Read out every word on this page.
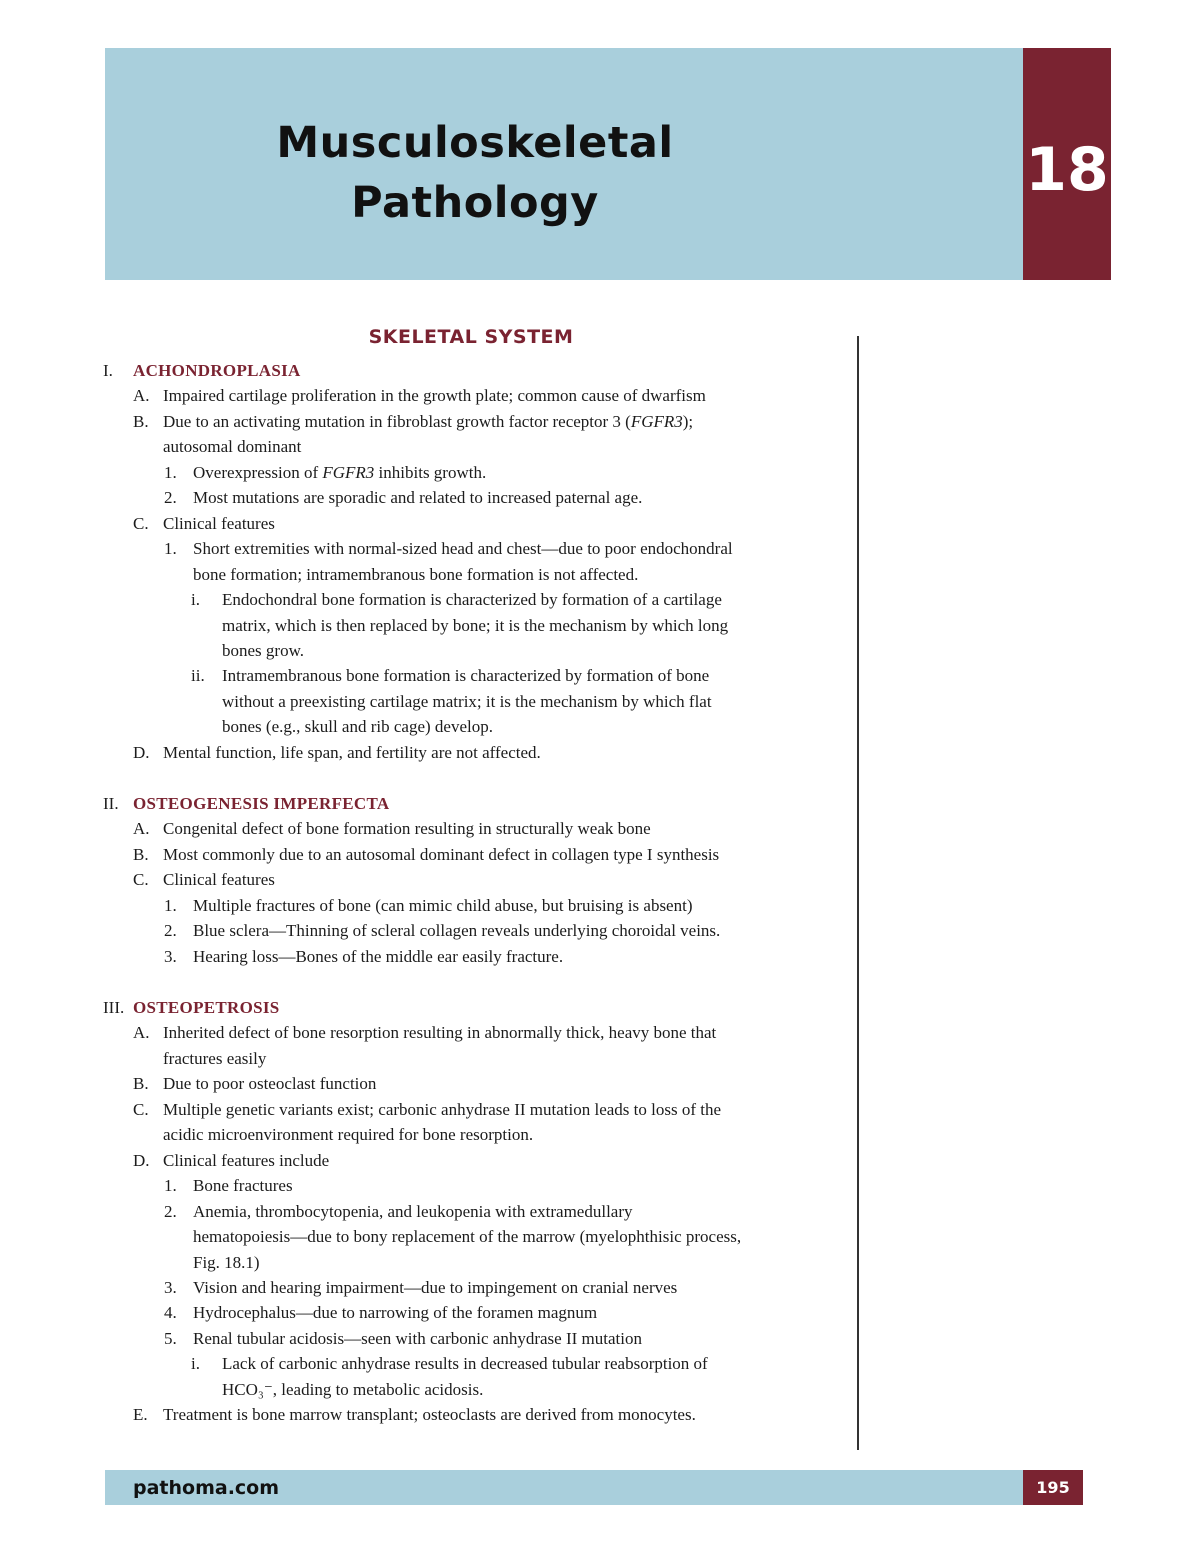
Musculoskeletal
Pathology	18
SKELETAL SYSTEM
I. ACHONDROPLASIA
A. Impaired cartilage proliferation in the growth plate; common cause of dwarfism
B. Due to an activating mutation in fibroblast growth factor receptor 3 (FGFR3);
autosomal dominant
1. Overexpression of FGFR3 inhibits growth.
2. Most mutations are sporadic and related to increased paternal age.
C. Clinical features
1. Short extremities with normal-sized head and chest—due to poor endochondral
bone formation; intramembranous bone formation is not affected.
i. Endochondral bone formation is characterized by formation of a cartilage
matrix, which is then replaced by bone; it is the mechanism by which long
bones grow.
ii. Intramembranous bone formation is characterized by formation of bone
without a preexisting cartilage matrix; it is the mechanism by which flat
bones (e.g., skull and rib cage) develop.
D. Mental function, life span, and fertility are not affected.
II. OSTEOGENESIS IMPERFECTA
A. Congenital defect of bone formation resulting in structurally weak bone
B. Most commonly due to an autosomal dominant defect in collagen type I synthesis
C. Clinical features
1. Multiple fractures of bone (can mimic child abuse, but bruising is absent)
2. Blue sclera—Thinning of scleral collagen reveals underlying choroidal veins.
3. Hearing loss—Bones of the middle ear easily fracture.
III. OSTEOPETROSIS
A. Inherited defect of bone resorption resulting in abnormally thick, heavy bone that
fractures easily
B. Due to poor osteoclast function
C. Multiple genetic variants exist; carbonic anhydrase II mutation leads to loss of the
acidic microenvironment required for bone resorption.
D. Clinical features include
1. Bone fractures
2. Anemia, thrombocytopenia, and leukopenia with extramedullary
hematopoiesis—due to bony replacement of the marrow (myelophthisic process,
Fig. 18.1)
3. Vision and hearing impairment—due to impingement on cranial nerves
4. Hydrocephalus—due to narrowing of the foramen magnum
5. Renal tubular acidosis—seen with carbonic anhydrase II mutation
i. Lack of carbonic anhydrase results in decreased tubular reabsorption of
HCO₃⁻, leading to metabolic acidosis.
E. Treatment is bone marrow transplant; osteoclasts are derived from monocytes.
pathoma.com	195
